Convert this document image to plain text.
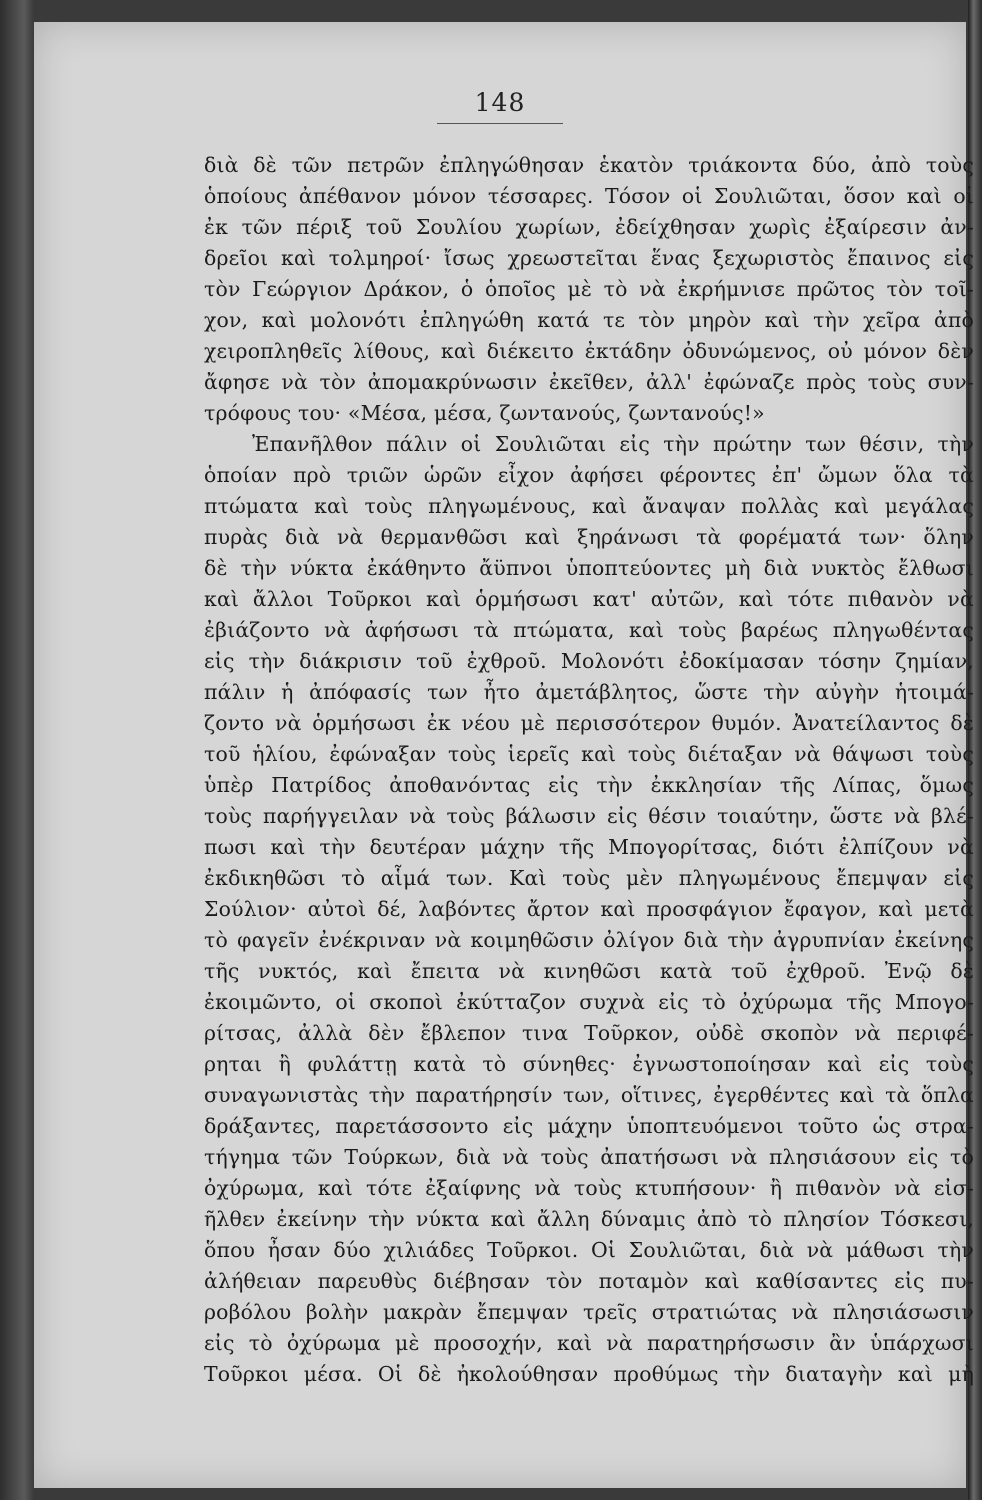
148
διὰ δὲ τῶν πετρῶν ἐπληγώθησαν ἑκατὸν τριάκοντα δύο, ἀπὸ τοὺς
ὁποίους ἀπέθανον μόνον τέσσαρες. Τόσον οἱ Σουλιῶται, ὅσον καὶ οἱ
ἐκ τῶν πέριξ τοῦ Σουλίου χωρίων, ἐδείχθησαν χωρὶς ἐξαίρεσιν ἀν-
δρεῖοι καὶ τολμηροί· ἴσως χρεωστεῖται ἕνας ξεχωριστὸς ἔπαινος εἰς
τὸν Γεώργιον Δράκον, ὁ ὁποῖος μὲ τὸ νὰ ἐκρήμνισε πρῶτος τὸν τοῖ-
χον, καὶ μολονότι ἐπληγώθη κατά τε τὸν μηρὸν καὶ τὴν χεῖρα ἀπὸ
χειροπληθεῖς λίθους, καὶ διέκειτο ἐκτάδην ὀδυνώμενος, οὐ μόνον δὲν
ἄφησε νὰ τὸν ἀπομακρύνωσιν ἐκεῖθεν, ἀλλ' ἐφώναζε πρὸς τοὺς συν-
τρόφους του· «Μέσα, μέσα, ζωντανούς, ζωντανούς!»
Ἐπανῆλθον πάλιν οἱ Σουλιῶται εἰς τὴν πρώτην των θέσιν, τὴν
ὁποίαν πρὸ τριῶν ὡρῶν εἶχον ἀφήσει φέροντες ἐπ' ὤμων ὅλα τὰ
πτώματα καὶ τοὺς πληγωμένους, καὶ ἄναψαν πολλὰς καὶ μεγάλας
πυρὰς διὰ νὰ θερμανθῶσι καὶ ξηράνωσι τὰ φορέματά των· ὅλην
δὲ τὴν νύκτα ἐκάθηντο ἄϋπνοι ὑποπτεύοντες μὴ διὰ νυκτὸς ἔλθωσι
καὶ ἄλλοι Τοῦρκοι καὶ ὁρμήσωσι κατ' αὐτῶν, καὶ τότε πιθανὸν νὰ
ἐβιάζοντο νὰ ἀφήσωσι τὰ πτώματα, καὶ τοὺς βαρέως πληγωθέντας
εἰς τὴν διάκρισιν τοῦ ἐχθροῦ. Μολονότι ἐδοκίμασαν τόσην ζημίαν,
πάλιν ἡ ἀπόφασίς των ἦτο ἀμετάβλητος, ὥστε τὴν αὐγὴν ἡτοιμά-
ζοντο νὰ ὁρμήσωσι ἐκ νέου μὲ περισσότερον θυμόν. Ἀνατείλαντος δὲ
τοῦ ἡλίου, ἐφώναξαν τοὺς ἱερεῖς καὶ τοὺς διέταξαν νὰ θάψωσι τοὺς
ὑπὲρ Πατρίδος ἀποθανόντας εἰς τὴν ἐκκλησίαν τῆς Λίπας, ὅμως
τοὺς παρήγγειλαν νὰ τοὺς βάλωσιν εἰς θέσιν τοιαύτην, ὥστε νὰ βλέ-
πωσι καὶ τὴν δευτέραν μάχην τῆς Μπογορίτσας, διότι ἐλπίζουν νὰ
ἐκδικηθῶσι τὸ αἷμά των. Καὶ τοὺς μὲν πληγωμένους ἔπεμψαν εἰς
Σούλιον· αὐτοὶ δέ, λαβόντες ἄρτον καὶ προσφάγιον ἔφαγον, καὶ μετὰ
τὸ φαγεῖν ἐνέκριναν νὰ κοιμηθῶσιν ὀλίγον διὰ τὴν ἀγρυπνίαν ἐκείνης
τῆς νυκτός, καὶ ἔπειτα νὰ κινηθῶσι κατὰ τοῦ ἐχθροῦ. Ἐνῷ δὲ
ἐκοιμῶντο, οἱ σκοποὶ ἐκύτταζον συχνὰ εἰς τὸ ὀχύρωμα τῆς Μπογο-
ρίτσας, ἀλλὰ δὲν ἔβλεπον τινα Τοῦρκον, οὐδὲ σκοπὸν νὰ περιφέ-
ρηται ἢ φυλάττῃ κατὰ τὸ σύνηθες· ἐγνωστοποίησαν καὶ εἰς τοὺς
συναγωνιστὰς τὴν παρατήρησίν των, οἵτινες, ἐγερθέντες καὶ τὰ ὅπλα
δράξαντες, παρετάσσοντο εἰς μάχην ὑποπτευόμενοι τοῦτο ὡς στρα-
τήγημα τῶν Τούρκων, διὰ νὰ τοὺς ἀπατήσωσι νὰ πλησιάσουν εἰς τὸ
ὀχύρωμα, καὶ τότε ἐξαίφνης νὰ τοὺς κτυπήσουν· ἢ πιθανὸν νὰ εἰσ-
ῆλθεν ἐκείνην τὴν νύκτα καὶ ἄλλη δύναμις ἀπὸ τὸ πλησίον Τόσκεσι,
ὅπου ἦσαν δύο χιλιάδες Τοῦρκοι. Οἱ Σουλιῶται, διὰ νὰ μάθωσι τὴν
ἀλήθειαν παρευθὺς διέβησαν τὸν ποταμὸν καὶ καθίσαντες εἰς πυ-
ροβόλου βολὴν μακρὰν ἔπεμψαν τρεῖς στρατιώτας νὰ πλησιάσωσιν
εἰς τὸ ὀχύρωμα μὲ προσοχήν, καὶ νὰ παρατηρήσωσιν ἂν ὑπάρχωσι
Τοῦρκοι μέσα. Οἱ δὲ ἠκολούθησαν προθύμως τὴν διαταγὴν καὶ μὴ
